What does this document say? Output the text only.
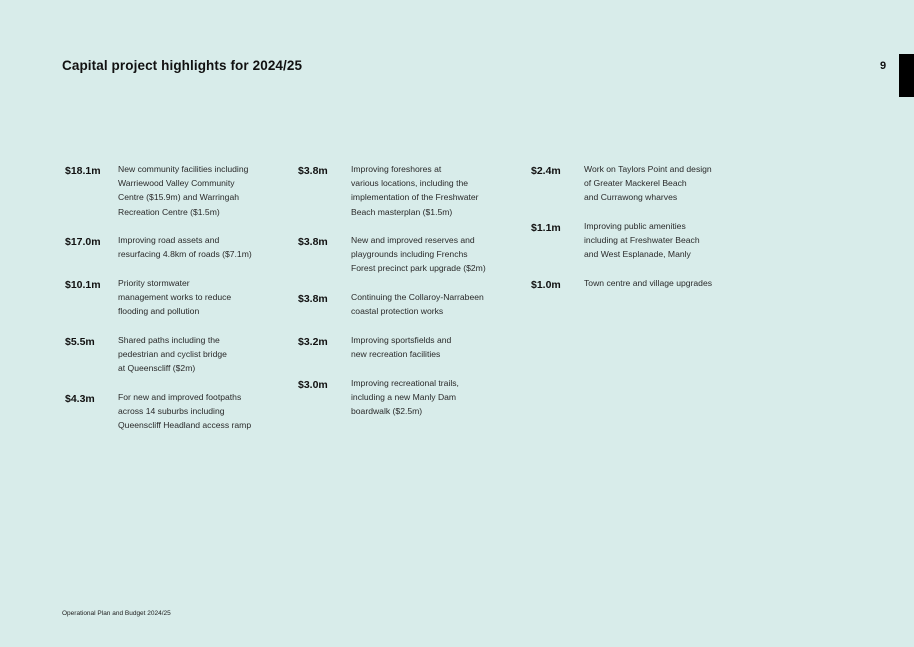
Capital project highlights for 2024/25	9
$18.1m	New community facilities including
Warriewood Valley Community
Centre ($15.9m) and Warringah
Recreation Centre ($1.5m)
$17.0m	Improving road assets and
resurfacing 4.8km of roads ($7.1m)
$10.1m	Priority stormwater
management works to reduce
flooding and pollution
$5.5m	Shared paths including the
pedestrian and cyclist bridge
at Queenscliff ($2m)
$4.3m	For new and improved footpaths
across 14 suburbs including
Queenscliff Headland access ramp
$3.8m	Improving foreshores at
various locations, including the
implementation of the Freshwater
Beach masterplan ($1.5m)
$3.8m	New and improved reserves and
playgrounds including Frenchs
Forest precinct park upgrade ($2m)
$3.8m	Continuing the Collaroy-Narrabeen
coastal protection works
$3.2m	Improving sportsfields and
new recreation facilities
$3.0m	Improving recreational trails,
including a new Manly Dam
boardwalk ($2.5m)
$2.4m	Work on Taylors Point and design
of Greater Mackerel Beach
and Currawong wharves
$1.1m	Improving public amenities
including at Freshwater Beach
and West Esplanade, Manly
$1.0m	Town centre and village upgrades
Operational Plan and Budget 2024/25
